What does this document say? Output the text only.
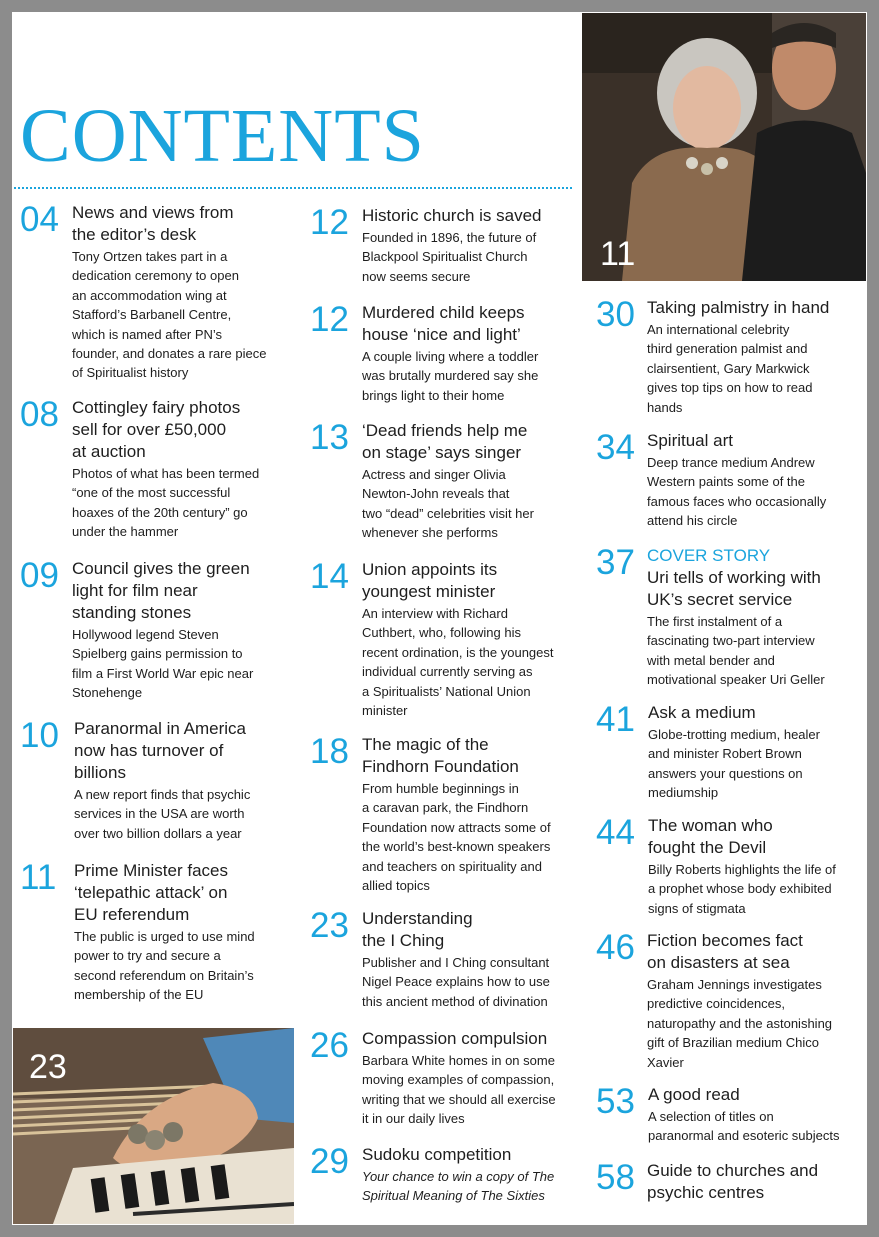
CONTENTS
11
23
04 News and views from
the editor’s desk
Tony Ortzen takes part in a
dedication ceremony to open
an accommodation wing at
Stafford’s Barbanell Centre,
which is named after PN’s
founder, and donates a rare piece
of Spiritualist history
08 Cottingley fairy photos
sell for over £50,000
at auction
Photos of what has been termed
“one of the most successful
hoaxes of the 20th century” go
under the hammer
09 Council gives the green
light for film near
standing stones
Hollywood legend Steven
Spielberg gains permission to
film a First World War epic near
Stonehenge
10 Paranormal in America
now has turnover of
billions
A new report finds that psychic
services in the USA are worth
over two billion dollars a year
11 Prime Minister faces
‘telepathic attack’ on
EU referendum
The public is urged to use mind
power to try and secure a
second referendum on Britain’s
membership of the EU
12 Historic church is saved
Founded in 1896, the future of
Blackpool Spiritualist Church
now seems secure
12 Murdered child keeps
house ‘nice and light’
A couple living where a toddler
was brutally murdered say she
brings light to their home
13 ‘Dead friends help me
on stage’ says singer
Actress and singer Olivia
Newton-John reveals that
two “dead” celebrities visit her
whenever she performs
14 Union appoints its
youngest minister
An interview with Richard
Cuthbert, who, following his
recent ordination, is the youngest
individual currently serving as
a Spiritualists’ National Union
minister
18 The magic of the
Findhorn Foundation
From humble beginnings in
a caravan park, the Findhorn
Foundation now attracts some of
the world’s best-known speakers
and teachers on spirituality and
allied topics
23 Understanding
the I Ching
Publisher and I Ching consultant
Nigel Peace explains how to use
this ancient method of divination
26 Compassion compulsion
Barbara White homes in on some
moving examples of compassion,
writing that we should all exercise
it in our daily lives
29 Sudoku competition
Your chance to win a copy of The
Spiritual Meaning of The Sixties
30 Taking palmistry in hand
An international celebrity
third generation palmist and
clairsentient, Gary Markwick
gives top tips on how to read
hands
34 Spiritual art
Deep trance medium Andrew
Western paints some of the
famous faces who occasionally
attend his circle
37 COVER STORY
Uri tells of working with
UK’s secret service
The first instalment of a
fascinating two-part interview
with metal bender and
motivational speaker Uri Geller
41 Ask a medium
Globe-trotting medium, healer
and minister Robert Brown
answers your questions on
mediumship
44 The woman who
fought the Devil
Billy Roberts highlights the life of
a prophet whose body exhibited
signs of stigmata
46 Fiction becomes fact
on disasters at sea
Graham Jennings investigates
predictive coincidences,
naturopathy and the astonishing
gift of Brazilian medium Chico
Xavier
53 A good read
A selection of titles on
paranormal and esoteric subjects
58 Guide to churches and
psychic centres
